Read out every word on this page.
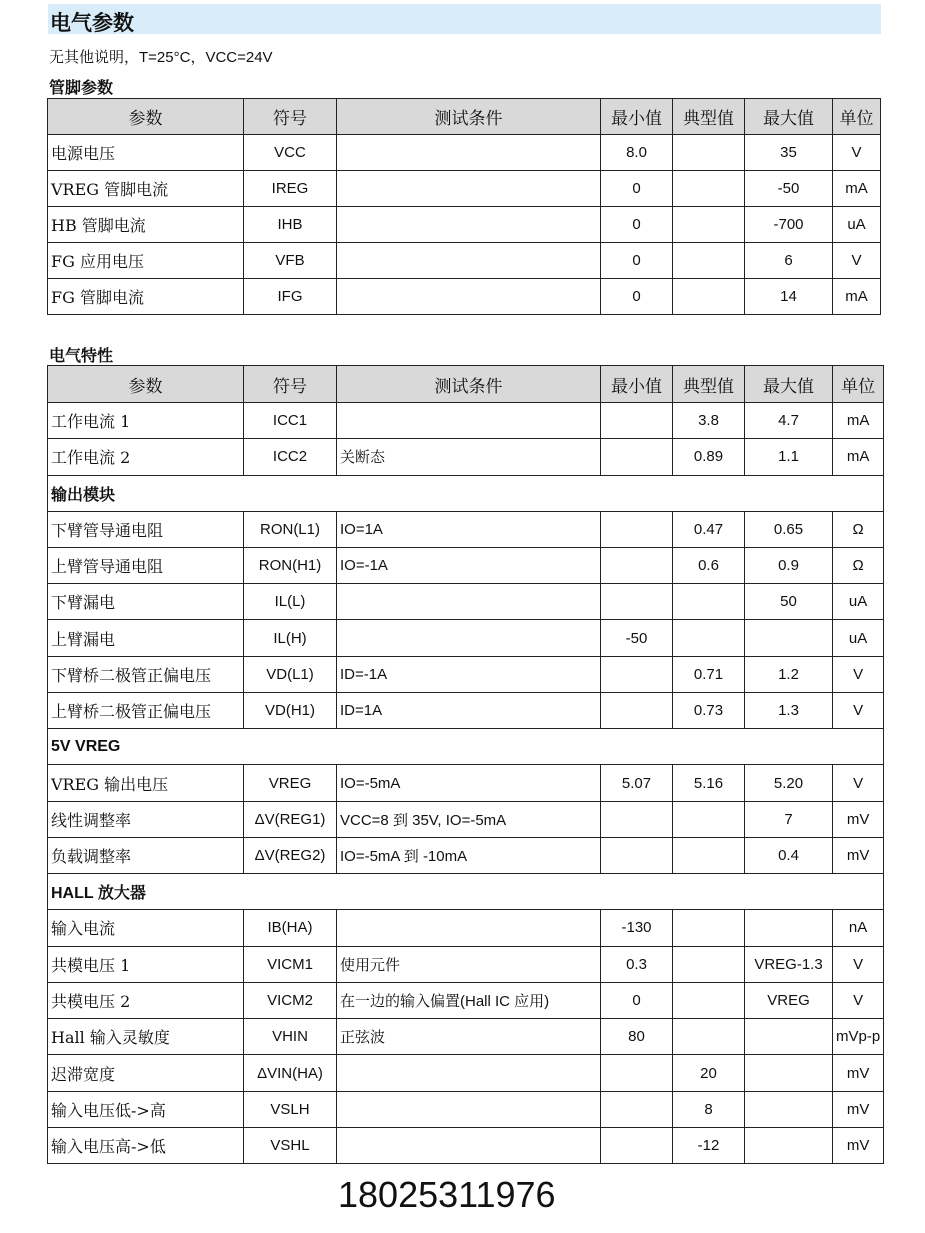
电气参数
无其他说明，T=25°C，VCC=24V
管脚参数
参数	符号	测试条件	最小值	典型值	最大值	单位
电源电压	VCC		8.0		35	V
VREG 管脚电流	IREG		0		-50	mA
HB 管脚电流	IHB		0		-700	uA
FG 应用电压	VFB		0		6	V
FG 管脚电流	IFG		0		14	mA
电气特性
参数	符号	测试条件	最小值	典型值	最大值	单位
工作电流 1	ICC1			3.8	4.7	mA
工作电流 2	ICC2	关断态		0.89	1.1	mA
输出模块						
下臂管导通电阻	RON(L1)	IO=1A		0.47	0.65	Ω
上臂管导通电阻	RON(H1)	IO=-1A		0.6	0.9	Ω
下臂漏电	IL(L)				50	uA
上臂漏电	IL(H)		-50			uA
下臂桥二极管正偏电压	VD(L1)	ID=-1A		0.71	1.2	V
上臂桥二极管正偏电压	VD(H1)	ID=1A		0.73	1.3	V
5V VREG						
VREG 输出电压	VREG	IO=-5mA	5.07	5.16	5.20	V
线性调整率	ΔV(REG1)	VCC=8 到 35V, IO=-5mA			7	mV
负载调整率	ΔV(REG2)	IO=-5mA 到 -10mA			0.4	mV
HALL 放大器						
输入电流	IB(HA)		-130			nA
共模电压 1	VICM1	使用元件	0.3		VREG-1.3	V
共模电压 2	VICM2	在一边的输入偏置(Hall IC 应用)	0		VREG	V
Hall 输入灵敏度	VHIN	正弦波	80			mVp-p
迟滞宽度	ΔVIN(HA)			20		mV
输入电压低->高	VSLH			8		mV
输入电压高->低	VSHL			-12		mV
18025311976
